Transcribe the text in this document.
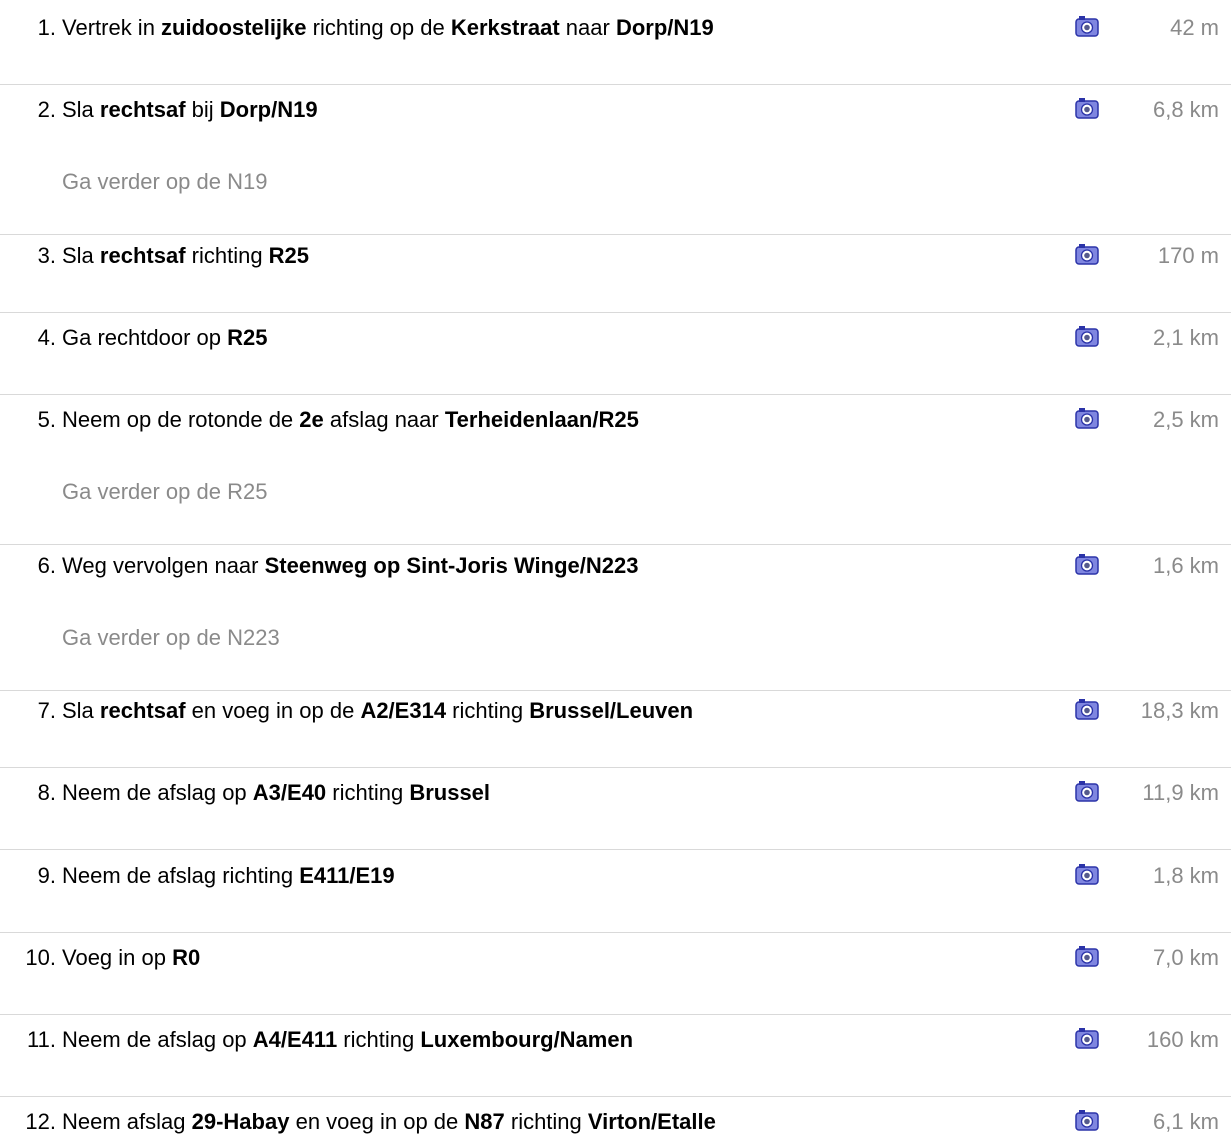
1. Vertrek in zuidoostelijke richting op de Kerkstraat naar Dorp/N19	42 m
2. Sla rechtsaf bij Dorp/N19	6,8 km
Ga verder op de N19
3. Sla rechtsaf richting R25	170 m
4. Ga rechtdoor op R25	2,1 km
5. Neem op de rotonde de 2e afslag naar Terheidenlaan/R25	2,5 km
Ga verder op de R25
6. Weg vervolgen naar Steenweg op Sint-Joris Winge/N223	1,6 km
Ga verder op de N223
7. Sla rechtsaf en voeg in op de A2/E314 richting Brussel/Leuven	18,3 km
8. Neem de afslag op A3/E40 richting Brussel	11,9 km
9. Neem de afslag richting E411/E19	1,8 km
10. Voeg in op R0	7,0 km
11. Neem de afslag op A4/E411 richting Luxembourg/Namen	160 km
12. Neem afslag 29-Habay en voeg in op de N87 richting Virton/Etalle	6,1 km
